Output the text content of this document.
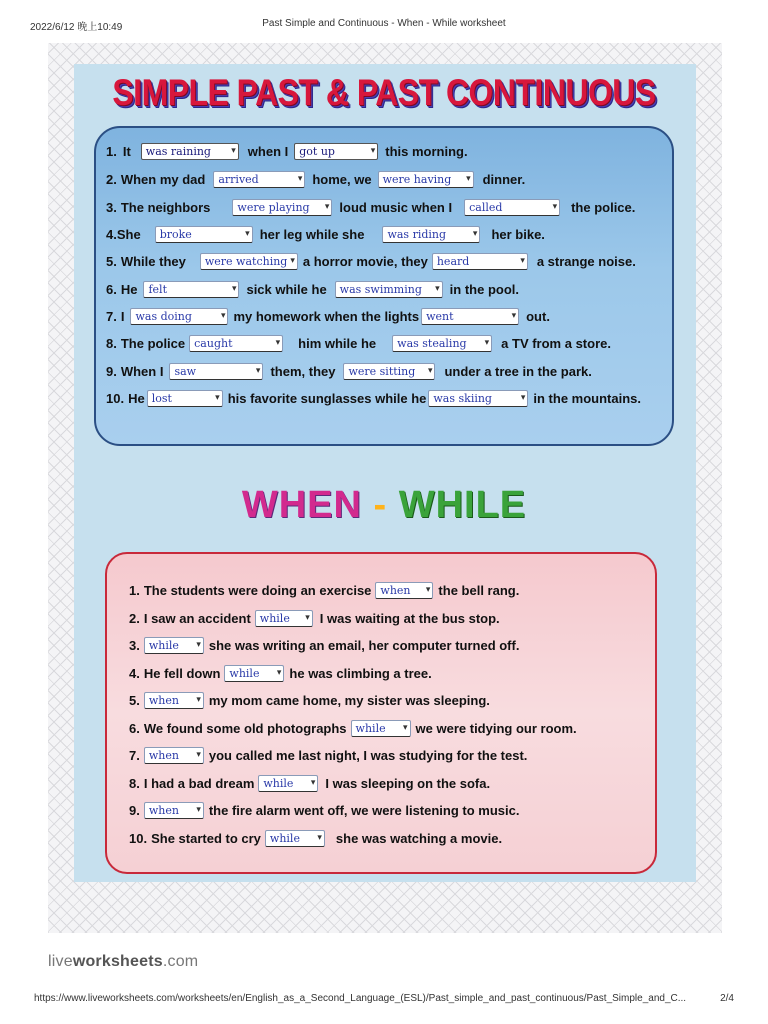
2022/6/12 晚上10:49	Past Simple and Continuous - When - While worksheet
liveworksheets.com
SIMPLE PAST & PAST CONTINUOUS
1. It	was raining ▾ when I	got up	▾ this morning.
2. When my dad	arrived	▾ home, we	were having ▾ dinner.
3. The neighbors	were playing ▾ loud music when I	called	▾ the police.
4. She	broke	▾ her leg while she	was riding	▾ her bike.
5. While they	were watching ▾ a horror movie, they heard	▾ a strange noise.
6. He	felt	▾ sick while he	was swimming ▾ in the pool.
7. I	was doing	▾ my homework when the lights went	▾ out.
8. The police caught	▾ him while he	was stealing ▾ a TV from a store.
9. When I	saw	▾ them, they	were sitting ▾ under a tree in the park.
10. He lost	▾ his favorite sunglasses while he was skiing	▾ in the mountains.
WHEN - WHILE
1. The students were doing an exercise when ▾ the bell rang.
2. I saw an accident while ▾ I was waiting at the bus stop.
3. while ▾ she was writing an email, her computer turned off.
4. He fell down while ▾ he was climbing a tree.
5. when ▾ my mom came home, my sister was sleeping.
6. We found some old photographs while ▾ we were tidying our room.
7. when ▾ you called me last night, I was studying for the test.
8. I had a bad dream while ▾ I was sleeping on the sofa.
9. when ▾ the fire alarm went off, we were listening to music.
10. She started to cry while ▾ she was watching a movie.
https://www.liveworksheets.com/worksheets/en/English_as_a_Second_Language_(ESL)/Past_simple_and_past_continuous/Past_Simple_and_C...	2/4
